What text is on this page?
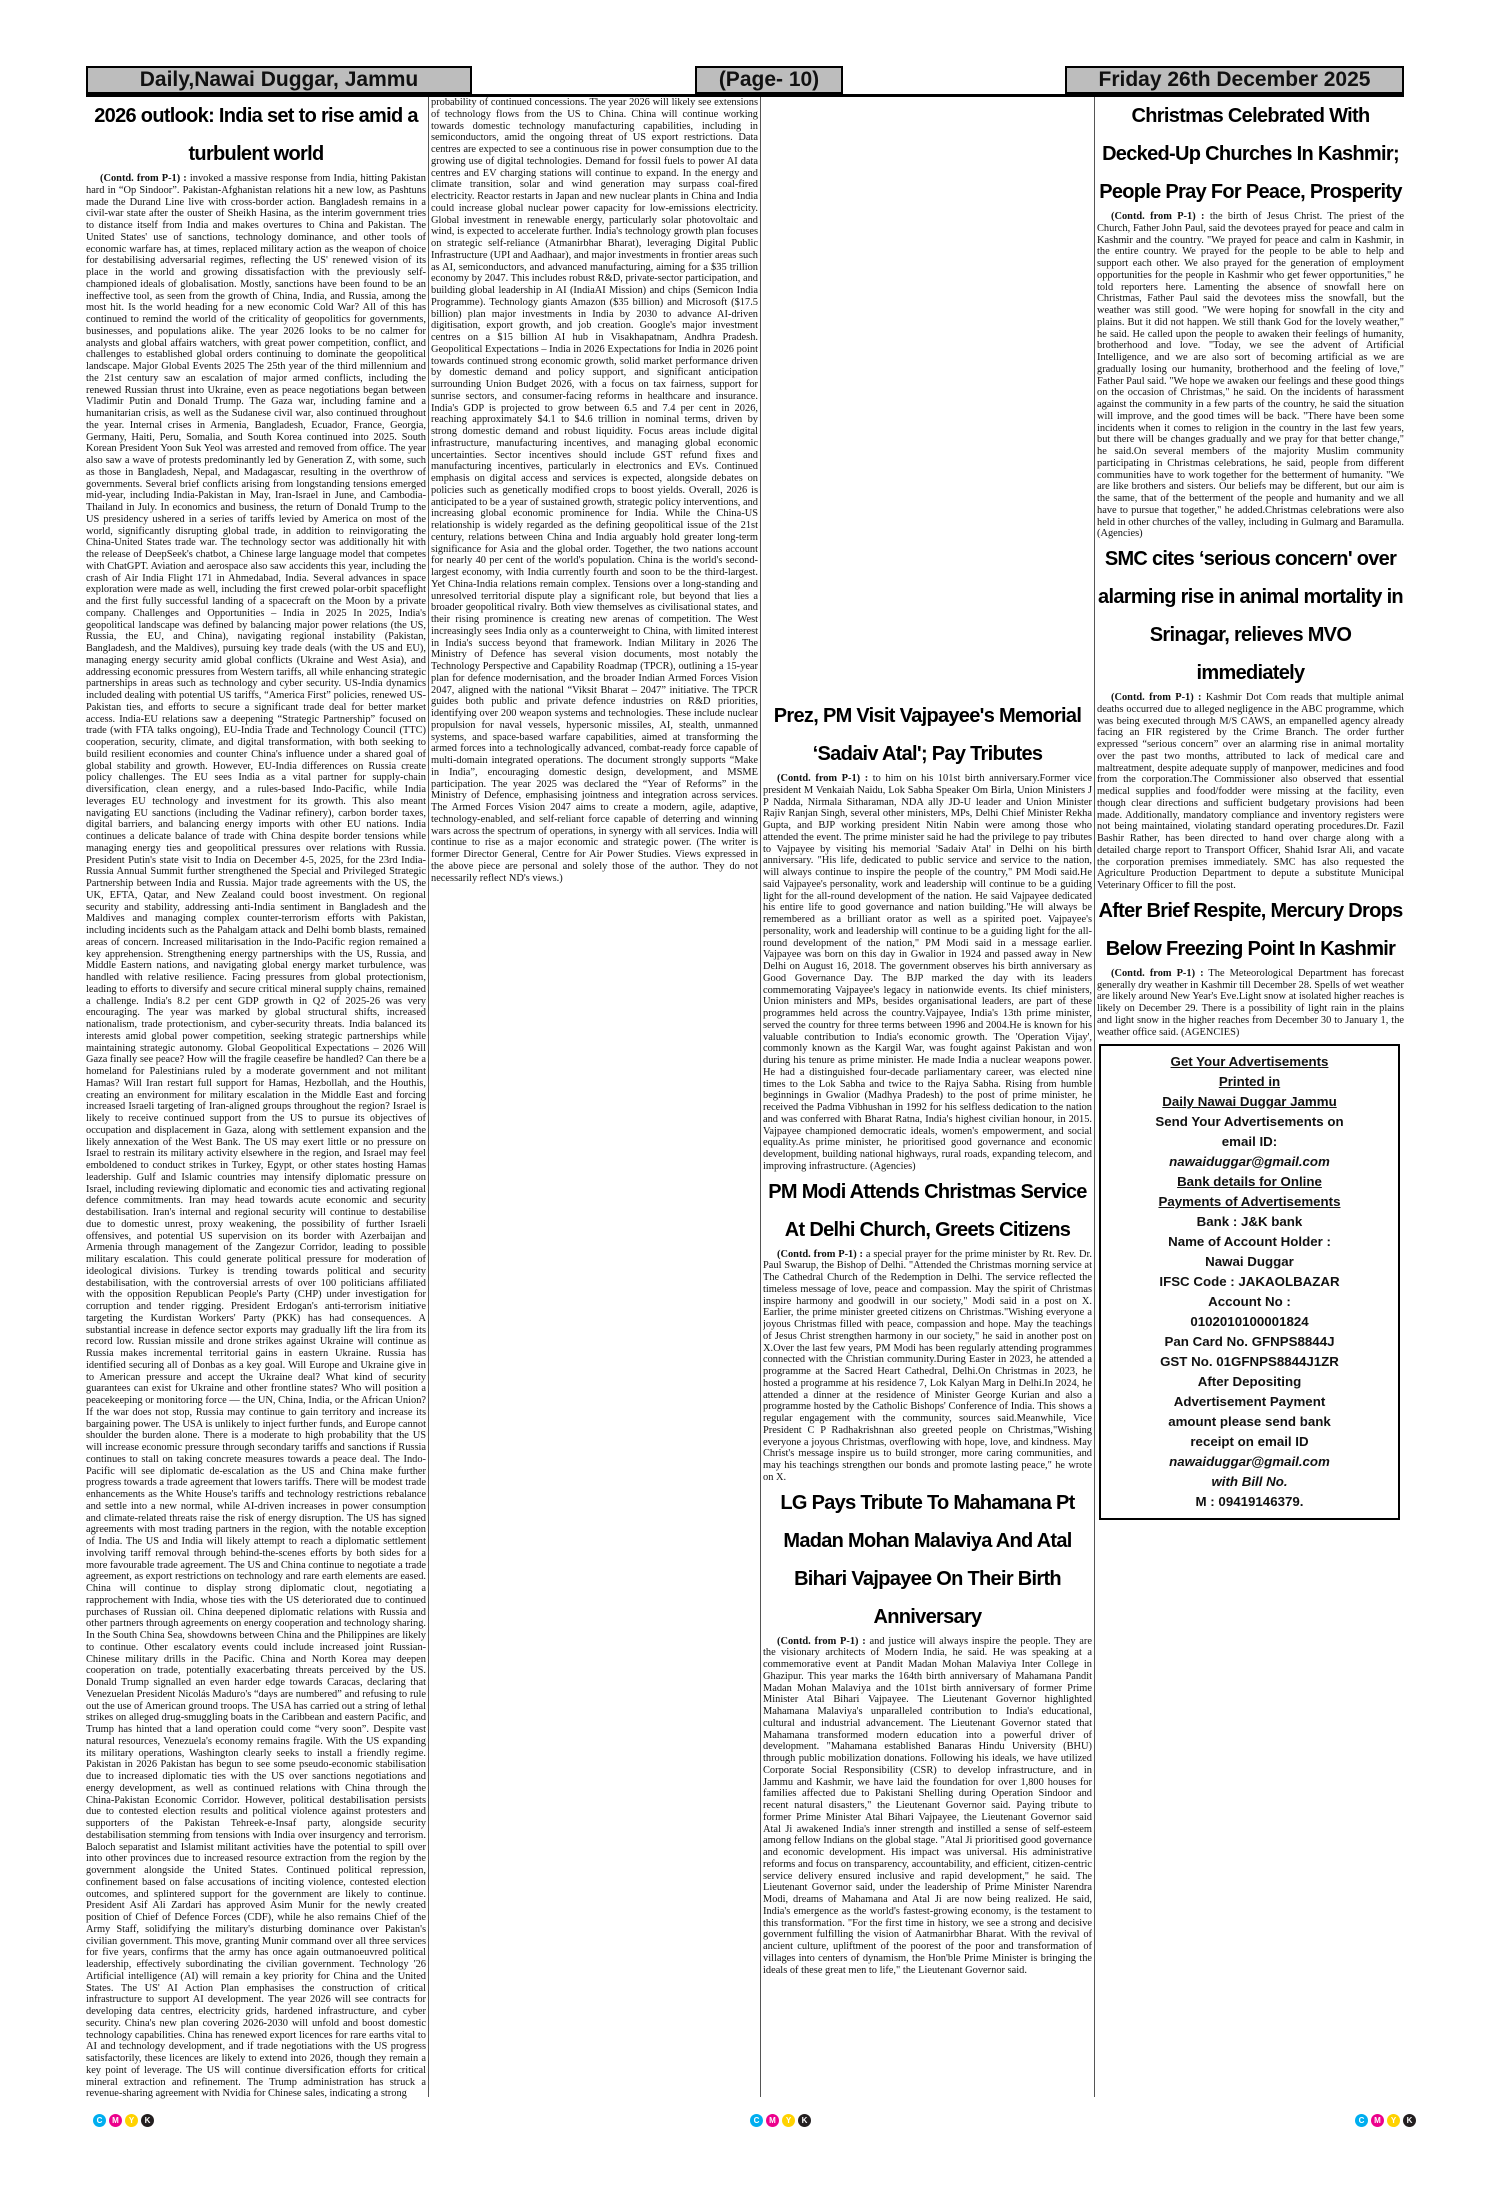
Daily,Nawai Duggar, Jammu	(Page- 10)	Friday 26th December 2025
2026 outlook: India set to rise amid a turbulent world

(Contd. from P-1) : invoked a massive response from India, hitting Pakistan hard in “Op Sindoor”. Pakistan-Afghanistan relations hit a new low, as Pashtuns made the Durand Line live with cross-border action. Bangladesh remains in a civil-war state after the ouster of Sheikh Hasina, as the interim government tries to distance itself from India and makes overtures to China and Pakistan. The United States' use of sanctions, technology dominance, and other tools of economic warfare has, at times, replaced military action as the weapon of choice for destabilising adversarial regimes, reflecting the US' renewed vision of its place in the world and growing dissatisfaction with the previously self-championed ideals of globalisation. Mostly, sanctions have been found to be an ineffective tool, as seen from the growth of China, India, and Russia, among the most hit. Is the world heading for a new economic Cold War? All of this has continued to remind the world of the criticality of geopolitics for governments, businesses, and populations alike. The year 2026 looks to be no calmer for analysts and global affairs watchers, with great power competition, conflict, and challenges to established global orders continuing to dominate the geopolitical landscape. Major Global Events 2025 The 25th year of the third millennium and the 21st century saw an escalation of major armed conflicts, including the renewed Russian thrust into Ukraine, even as peace negotiations began between Vladimir Putin and Donald Trump. The Gaza war, including famine and a humanitarian crisis, as well as the Sudanese civil war, also continued throughout the year. Internal crises in Armenia, Bangladesh, Ecuador, France, Georgia, Germany, Haiti, Peru, Somalia, and South Korea continued into 2025. South Korean President Yoon Suk Yeol was arrested and removed from office. The year also saw a wave of protests predominantly led by Generation Z, with some, such as those in Bangladesh, Nepal, and Madagascar, resulting in the overthrow of governments. Several brief conflicts arising from longstanding tensions emerged mid-year, including India-Pakistan in May, Iran-Israel in June, and Cambodia-Thailand in July. In economics and business, the return of Donald Trump to the US presidency ushered in a series of tariffs levied by America on most of the world, significantly disrupting global trade, in addition to reinvigorating the China-United States trade war. The technology sector was additionally hit with the release of DeepSeek's chatbot, a Chinese large language model that competes with ChatGPT. Aviation and aerospace also saw accidents this year, including the crash of Air India Flight 171 in Ahmedabad, India. Several advances in space exploration were made as well, including the first crewed polar-orbit spaceflight and the first fully successful landing of a spacecraft on the Moon by a private company. Challenges and Opportunities – India in 2025 In 2025, India's geopolitical landscape was defined by balancing major power relations (the US, Russia, the EU, and China), navigating regional instability (Pakistan, Bangladesh, and the Maldives), pursuing key trade deals (with the US and EU), managing energy security amid global conflicts (Ukraine and West Asia), and addressing economic pressures from Western tariffs, all while enhancing strategic partnerships in areas such as technology and cyber security. US-India dynamics included dealing with potential US tariffs, “America First” policies, renewed US-Pakistan ties, and efforts to secure a significant trade deal for better market access. India-EU relations saw a deepening “Strategic Partnership” focused on trade (with FTA talks ongoing), EU-India Trade and Technology Council (TTC) cooperation, security, climate, and digital transformation, with both seeking to build resilient economies and counter China's influence under a shared goal of global stability and growth. However, EU-India differences on Russia create policy challenges. The EU sees India as a vital partner for supply-chain diversification, clean energy, and a rules-based Indo-Pacific, while India leverages EU technology and investment for its growth. This also meant navigating EU sanctions (including the Vadinar refinery), carbon border taxes, digital barriers, and balancing energy imports with other EU nations. India continues a delicate balance of trade with China despite border tensions while managing energy ties and geopolitical pressures over relations with Russia. President Putin's state visit to India on December 4-5, 2025, for the 23rd India-Russia Annual Summit further strengthened the Special and Privileged Strategic Partnership between India and Russia. Major trade agreements with the US, the UK, EFTA, Qatar, and New Zealand could boost investment. On regional security and stability, addressing anti-India sentiment in Bangladesh and the Maldives and managing complex counter-terrorism efforts with Pakistan, including incidents such as the Pahalgam attack and Delhi bomb blasts, remained areas of concern. Increased militarisation in the Indo-Pacific region remained a key apprehension. Strengthening energy partnerships with the US, Russia, and Middle Eastern nations, and navigating global energy market turbulence, was handled with relative resilience. Facing pressures from global protectionism, leading to efforts to diversify and secure critical mineral supply chains, remained a challenge. India's 8.2 per cent GDP growth in Q2 of 2025-26 was very encouraging. The year was marked by global structural shifts, increased nationalism, trade protectionism, and cyber-security threats. India balanced its interests amid global power competition, seeking strategic partnerships while maintaining strategic autonomy. Global Geopolitical Expectations – 2026 Will Gaza finally see peace? How will the fragile ceasefire be handled? Can there be a homeland for Palestinians ruled by a moderate government and not militant Hamas? Will Iran restart full support for Hamas, Hezbollah, and the Houthis, creating an environment for military escalation in the Middle East and forcing increased Israeli targeting of Iran-aligned groups throughout the region? Israel is likely to receive continued support from the US to pursue its objectives of occupation and displacement in Gaza, along with settlement expansion and the likely annexation of the West Bank. The US may exert little or no pressure on Israel to restrain its military activity elsewhere in the region, and Israel may feel emboldened to conduct strikes in Turkey, Egypt, or other states hosting Hamas leadership. Gulf and Islamic countries may intensify diplomatic pressure on Israel, including reviewing diplomatic and economic ties and activating regional defence commitments. Iran may head towards acute economic and security destabilisation. Iran's internal and regional security will continue to destabilise due to domestic unrest, proxy weakening, the possibility of further Israeli offensives, and potential US supervision on its border with Azerbaijan and Armenia through management of the Zangezur Corridor, leading to possible military escalation. This could generate political pressure for moderation of ideological divisions. Turkey is trending towards political and security destabilisation, with the controversial arrests of over 100 politicians affiliated with the opposition Republican People's Party (CHP) under investigation for corruption and tender rigging. President Erdogan's anti-terrorism initiative targeting the Kurdistan Workers' Party (PKK) has had consequences. A substantial increase in defence sector exports may gradually lift the lira from its record low. Russian missile and drone strikes against Ukraine will continue as Russia makes incremental territorial gains in eastern Ukraine. Russia has identified securing all of Donbas as a key goal. Will Europe and Ukraine give in to American pressure and accept the Ukraine deal? What kind of security guarantees can exist for Ukraine and other frontline states? Who will position a peacekeeping or monitoring force — the UN, China, India, or the African Union? If the war does not stop, Russia may continue to gain territory and increase its bargaining power. The USA is unlikely to inject further funds, and Europe cannot shoulder the burden alone. There is a moderate to high probability that the US will increase economic pressure through secondary tariffs and sanctions if Russia continues to stall on taking concrete measures towards a peace deal. The Indo-Pacific will see diplomatic de-escalation as the US and China make further progress towards a trade agreement that lowers tariffs. There will be modest trade enhancements as the White House's tariffs and technology restrictions rebalance and settle into a new normal, while AI-driven increases in power consumption and climate-related threats raise the risk of energy disruption. The US has signed agreements with most trading partners in the region, with the notable exception of India. The US and India will likely attempt to reach a diplomatic settlement involving tariff removal through behind-the-scenes efforts by both sides for a more favourable trade agreement. The US and China continue to negotiate a trade agreement, as export restrictions on technology and rare earth elements are eased. China will continue to display strong diplomatic clout, negotiating a rapprochement with India, whose ties with the US deteriorated due to continued purchases of Russian oil. China deepened diplomatic relations with Russia and other partners through agreements on energy cooperation and technology sharing. In the South China Sea, showdowns between China and the Philippines are likely to continue. Other escalatory events could include increased joint Russian-Chinese military drills in the Pacific. China and North Korea may deepen cooperation on trade, potentially exacerbating threats perceived by the US. Donald Trump signalled an even harder edge towards Caracas, declaring that Venezuelan President Nicolás Maduro's “days are numbered” and refusing to rule out the use of American ground troops. The USA has carried out a string of lethal strikes on alleged drug-smuggling boats in the Caribbean and eastern Pacific, and Trump has hinted that a land operation could come “very soon”. Despite vast natural resources, Venezuela's economy remains fragile. With the US expanding its military operations, Washington clearly seeks to install a friendly regime. Pakistan in 2026 Pakistan has begun to see some pseudo-economic stabilisation due to increased diplomatic ties with the US over sanctions negotiations and energy development, as well as continued relations with China through the China-Pakistan Economic Corridor. However, political destabilisation persists due to contested election results and political violence against protesters and supporters of the Pakistan Tehreek-e-Insaf party, alongside security destabilisation stemming from tensions with India over insurgency and terrorism. Baloch separatist and Islamist militant activities have the potential to spill over into other provinces due to increased resource extraction from the region by the government alongside the United States. Continued political repression, confinement based on false accusations of inciting violence, contested election outcomes, and splintered support for the government are likely to continue. President Asif Ali Zardari has approved Asim Munir for the newly created position of Chief of Defence Forces (CDF), while he also remains Chief of the Army Staff, solidifying the military's disturbing dominance over Pakistan's civilian government. This move, granting Munir command over all three services for five years, confirms that the army has once again outmanoeuvred political leadership, effectively subordinating the civilian government. Technology '26 Artificial intelligence (AI) will remain a key priority for China and the United States. The US' AI Action Plan emphasises the construction of critical infrastructure to support AI development. The year 2026 will see contracts for developing data centres, electricity grids, hardened infrastructure, and cyber security. China's new plan covering 2026-2030 will unfold and boost domestic technology capabilities. China has renewed export licences for rare earths vital to AI and technology development, and if trade negotiations with the US progress satisfactorily, these licences are likely to extend into 2026, though they remain a key point of leverage. The US will continue diversification efforts for critical mineral extraction and refinement. The Trump administration has struck a revenue-sharing agreement with Nvidia for Chinese sales, indicating a strong

probability of continued concessions. The year 2026 will likely see extensions of technology flows from the US to China. China will continue working towards domestic technology manufacturing capabilities, including in semiconductors, amid the ongoing threat of US export restrictions. Data centres are expected to see a continuous rise in power consumption due to the growing use of digital technologies. Demand for fossil fuels to power AI data centres and EV charging stations will continue to expand. In the energy and climate transition, solar and wind generation may surpass coal-fired electricity. Reactor restarts in Japan and new nuclear plants in China and India could increase global nuclear power capacity for low-emissions electricity. Global investment in renewable energy, particularly solar photovoltaic and wind, is expected to accelerate further. India's technology growth plan focuses on strategic self-reliance (Atmanirbhar Bharat), leveraging Digital Public Infrastructure (UPI and Aadhaar), and major investments in frontier areas such as AI, semiconductors, and advanced manufacturing, aiming for a $35 trillion economy by 2047. This includes robust R&D, private-sector participation, and building global leadership in AI (IndiaAI Mission) and chips (Semicon India Programme). Technology giants Amazon ($35 billion) and Microsoft ($17.5 billion) plan major investments in India by 2030 to advance AI-driven digitisation, export growth, and job creation. Google's major investment centres on a $15 billion AI hub in Visakhapatnam, Andhra Pradesh. Geopolitical Expectations – India in 2026 Expectations for India in 2026 point towards continued strong economic growth, solid market performance driven by domestic demand and policy support, and significant anticipation surrounding Union Budget 2026, with a focus on tax fairness, support for sunrise sectors, and consumer-facing reforms in healthcare and insurance. India's GDP is projected to grow between 6.5 and 7.4 per cent in 2026, reaching approximately $4.1 to $4.6 trillion in nominal terms, driven by strong domestic demand and robust liquidity. Focus areas include digital infrastructure, manufacturing incentives, and managing global economic uncertainties. Sector incentives should include GST refund fixes and manufacturing incentives, particularly in electronics and EVs. Continued emphasis on digital access and services is expected, alongside debates on policies such as genetically modified crops to boost yields. Overall, 2026 is anticipated to be a year of sustained growth, strategic policy interventions, and increasing global economic prominence for India. While the China-US relationship is widely regarded as the defining geopolitical issue of the 21st century, relations between China and India arguably hold greater long-term significance for Asia and the global order. Together, the two nations account for nearly 40 per cent of the world's population. China is the world's second-largest economy, with India currently fourth and soon to be the third-largest. Yet China-India relations remain complex. Tensions over a long-standing and unresolved territorial dispute play a significant role, but beyond that lies a broader geopolitical rivalry. Both view themselves as civilisational states, and their rising prominence is creating new arenas of competition. The West increasingly sees India only as a counterweight to China, with limited interest in India's success beyond that framework. Indian Military in 2026 The Ministry of Defence has several vision documents, most notably the Technology Perspective and Capability Roadmap (TPCR), outlining a 15-year plan for defence modernisation, and the broader Indian Armed Forces Vision 2047, aligned with the national “Viksit Bharat – 2047” initiative. The TPCR guides both public and private defence industries on R&D priorities, identifying over 200 weapon systems and technologies. These include nuclear propulsion for naval vessels, hypersonic missiles, AI, stealth, unmanned systems, and space-based warfare capabilities, aimed at transforming the armed forces into a technologically advanced, combat-ready force capable of multi-domain integrated operations. The document strongly supports “Make in India”, encouraging domestic design, development, and MSME participation. The year 2025 was declared the “Year of Reforms” in the Ministry of Defence, emphasising jointness and integration across services. The Armed Forces Vision 2047 aims to create a modern, agile, adaptive, technology-enabled, and self-reliant force capable of deterring and winning wars across the spectrum of operations, in synergy with all services. India will continue to rise as a major economic and strategic power. (The writer is former Director General, Centre for Air Power Studies. Views expressed in the above piece are personal and solely those of the author. They do not necessarily reflect ND's views.)

Prez, PM Visit Vajpayee's Memorial ‘Sadaiv Atal'; Pay Tributes

(Contd. from P-1) : to him on his 101st birth anniversary.Former vice president M Venkaiah Naidu, Lok Sabha Speaker Om Birla, Union Ministers J P Nadda, Nirmala Sitharaman, NDA ally JD-U leader and Union Minister Rajiv Ranjan Singh, several other ministers, MPs, Delhi Chief Minister Rekha Gupta, and BJP working president Nitin Nabin were among those who attended the event. The prime minister said he had the privilege to pay tributes to Vajpayee by visiting his memorial 'Sadaiv Atal' in Delhi on his birth anniversary. "His life, dedicated to public service and service to the nation, will always continue to inspire the people of the country," PM Modi said.He said Vajpayee's personality, work and leadership will continue to be a guiding light for the all-round development of the nation. He said Vajpayee dedicated his entire life to good governance and nation building."He will always be remembered as a brilliant orator as well as a spirited poet. Vajpayee's personality, work and leadership will continue to be a guiding light for the all-round development of the nation," PM Modi said in a message earlier. Vajpayee was born on this day in Gwalior in 1924 and passed away in New Delhi on August 16, 2018. The government observes his birth anniversary as Good Governance Day. The BJP marked the day with its leaders commemorating Vajpayee's legacy in nationwide events. Its chief ministers, Union ministers and MPs, besides organisational leaders, are part of these programmes held across the country.Vajpayee, India's 13th prime minister, served the country for three terms between 1996 and 2004.He is known for his valuable contribution to India's economic growth. The 'Operation Vijay', commonly known as the Kargil War, was fought against Pakistan and won during his tenure as prime minister. He made India a nuclear weapons power. He had a distinguished four-decade parliamentary career, was elected nine times to the Lok Sabha and twice to the Rajya Sabha. Rising from humble beginnings in Gwalior (Madhya Pradesh) to the post of prime minister, he received the Padma Vibhushan in 1992 for his selfless dedication to the nation and was conferred with Bharat Ratna, India's highest civilian honour, in 2015. Vajpayee championed democratic ideals, women's empowerment, and social equality.As prime minister, he prioritised good governance and economic development, building national highways, rural roads, expanding telecom, and improving infrastructure. (Agencies)

PM Modi Attends Christmas Service At Delhi Church, Greets Citizens

(Contd. from P-1) : a special prayer for the prime minister by Rt. Rev. Dr. Paul Swarup, the Bishop of Delhi. "Attended the Christmas morning service at The Cathedral Church of the Redemption in Delhi. The service reflected the timeless message of love, peace and compassion. May the spirit of Christmas inspire harmony and goodwill in our society," Modi said in a post on X. Earlier, the prime minister greeted citizens on Christmas."Wishing everyone a joyous Christmas filled with peace, compassion and hope. May the teachings of Jesus Christ strengthen harmony in our society," he said in another post on X.Over the last few years, PM Modi has been regularly attending programmes connected with the Christian community.During Easter in 2023, he attended a programme at the Sacred Heart Cathedral, Delhi.On Christmas in 2023, he hosted a programme at his residence 7, Lok Kalyan Marg in Delhi.In 2024, he attended a dinner at the residence of Minister George Kurian and also a programme hosted by the Catholic Bishops' Conference of India. This shows a regular engagement with the community, sources said.Meanwhile, Vice President C P Radhakrishnan also greeted people on Christmas,"Wishing everyone a joyous Christmas, overflowing with hope, love, and kindness. May Christ's message inspire us to build stronger, more caring communities, and may his teachings strengthen our bonds and promote lasting peace," he wrote on X.

LG Pays Tribute To Mahamana Pt Madan Mohan Malaviya And Atal Bihari Vajpayee On Their Birth Anniversary

(Contd. from P-1) : and justice will always inspire the people. They are the visionary architects of Modern India, he said. He was speaking at a commemorative event at Pandit Madan Mohan Malaviya Inter College in Ghazipur. This year marks the 164th birth anniversary of Mahamana Pandit Madan Mohan Malaviya and the 101st birth anniversary of former Prime Minister Atal Bihari Vajpayee. The Lieutenant Governor highlighted Mahamana Malaviya's unparalleled contribution to India's educational, cultural and industrial advancement. The Lieutenant Governor stated that Mahamana transformed modern education into a powerful driver of development. "Mahamana established Banaras Hindu University (BHU) through public mobilization donations. Following his ideals, we have utilized Corporate Social Responsibility (CSR) to develop infrastructure, and in Jammu and Kashmir, we have laid the foundation for over 1,800 houses for families affected due to Pakistani Shelling during Operation Sindoor and recent natural disasters," the Lieutenant Governor said. Paying tribute to former Prime Minister Atal Bihari Vajpayee, the Lieutenant Governor said Atal Ji awakened India's inner strength and instilled a sense of self-esteem among fellow Indians on the global stage. "Atal Ji prioritised good governance and economic development. His impact was universal. His administrative reforms and focus on transparency, accountability, and efficient, citizen-centric service delivery ensured inclusive and rapid development," he said. The Lieutenant Governor said, under the leadership of Prime Minister Narendra Modi, dreams of Mahamana and Atal Ji are now being realized. He said, India's emergence as the world's fastest-growing economy, is the testament to this transformation. "For the first time in history, we see a strong and decisive government fulfilling the vision of Aatmanirbhar Bharat. With the revival of ancient culture, upliftment of the poorest of the poor and transformation of villages into centers of dynamism, the Hon'ble Prime Minister is bringing the ideals of these great men to life," the Lieutenant Governor said.

Christmas Celebrated With Decked-Up Churches In Kashmir; People Pray For Peace, Prosperity

(Contd. from P-1) : the birth of Jesus Christ. The priest of the Church, Father John Paul, said the devotees prayed for peace and calm in Kashmir and the country. "We prayed for peace and calm in Kashmir, in the entire country. We prayed for the people to be able to help and support each other. We also prayed for the generation of employment opportunities for the people in Kashmir who get fewer opportunities," he told reporters here. Lamenting the absence of snowfall here on Christmas, Father Paul said the devotees miss the snowfall, but the weather was still good. "We were hoping for snowfall in the city and plains. But it did not happen. We still thank God for the lovely weather," he said. He called upon the people to awaken their feelings of humanity, brotherhood and love. "Today, we see the advent of Artificial Intelligence, and we are also sort of becoming artificial as we are gradually losing our humanity, brotherhood and the feeling of love," Father Paul said. "We hope we awaken our feelings and these good things on the occasion of Christmas," he said. On the incidents of harassment against the community in a few parts of the country, he said the situation will improve, and the good times will be back. "There have been some incidents when it comes to religion in the country in the last few years, but there will be changes gradually and we pray for that better change," he said.On several members of the majority Muslim community participating in Christmas celebrations, he said, people from different communities have to work together for the betterment of humanity. "We are like brothers and sisters. Our beliefs may be different, but our aim is the same, that of the betterment of the people and humanity and we all have to pursue that together," he added.Christmas celebrations were also held in other churches of the valley, including in Gulmarg and Baramulla. (Agencies)

SMC cites ‘serious concern' over alarming rise in animal mortality in Srinagar, relieves MVO immediately

(Contd. from P-1) : Kashmir Dot Com reads that multiple animal deaths occurred due to alleged negligence in the ABC programme, which was being executed through M/S CAWS, an empanelled agency already facing an FIR registered by the Crime Branch. The order further expressed “serious concern” over an alarming rise in animal mortality over the past two months, attributed to lack of medical care and maltreatment, despite adequate supply of manpower, medicines and food from the corporation.The Commissioner also observed that essential medical supplies and food/fodder were missing at the facility, even though clear directions and sufficient budgetary provisions had been made. Additionally, mandatory compliance and inventory registers were not being maintained, violating standard operating procedures.Dr. Fazil Bashir Rather, has been directed to hand over charge along with a detailed charge report to Transport Officer, Shahid Israr Ali, and vacate the corporation premises immediately. SMC has also requested the Agriculture Production Department to depute a substitute Municipal Veterinary Officer to fill the post.

After Brief Respite, Mercury Drops Below Freezing Point In Kashmir

(Contd. from P-1) : The Meteorological Department has forecast generally dry weather in Kashmir till December 28. Spells of wet weather are likely around New Year's Eve.Light snow at isolated higher reaches is likely on December 29. There is a possibility of light rain in the plains and light snow in the higher reaches from December 30 to January 1, the weather office said. (AGENCIES)

Get Your Advertisements
Printed in
Daily Nawai Duggar Jammu
Send Your Advertisements on
email ID:
nawaiduggar@gmail.com
Bank details for Online
Payments of Advertisements
Bank : J&K bank
Name of Account Holder :
Nawai Duggar
IFSC Code : JAKAOLBAZAR
Account No :
0102010100001824
Pan Card No. GFNPS8844J
GST No. 01GFNPS8844J1ZR
After Depositing
Advertisement Payment
amount please send bank
receipt on email ID
nawaiduggar@gmail.com
with Bill No.
M : 09419146379.
C	M	Y	K	C	M	Y	K	C	M	Y	K
